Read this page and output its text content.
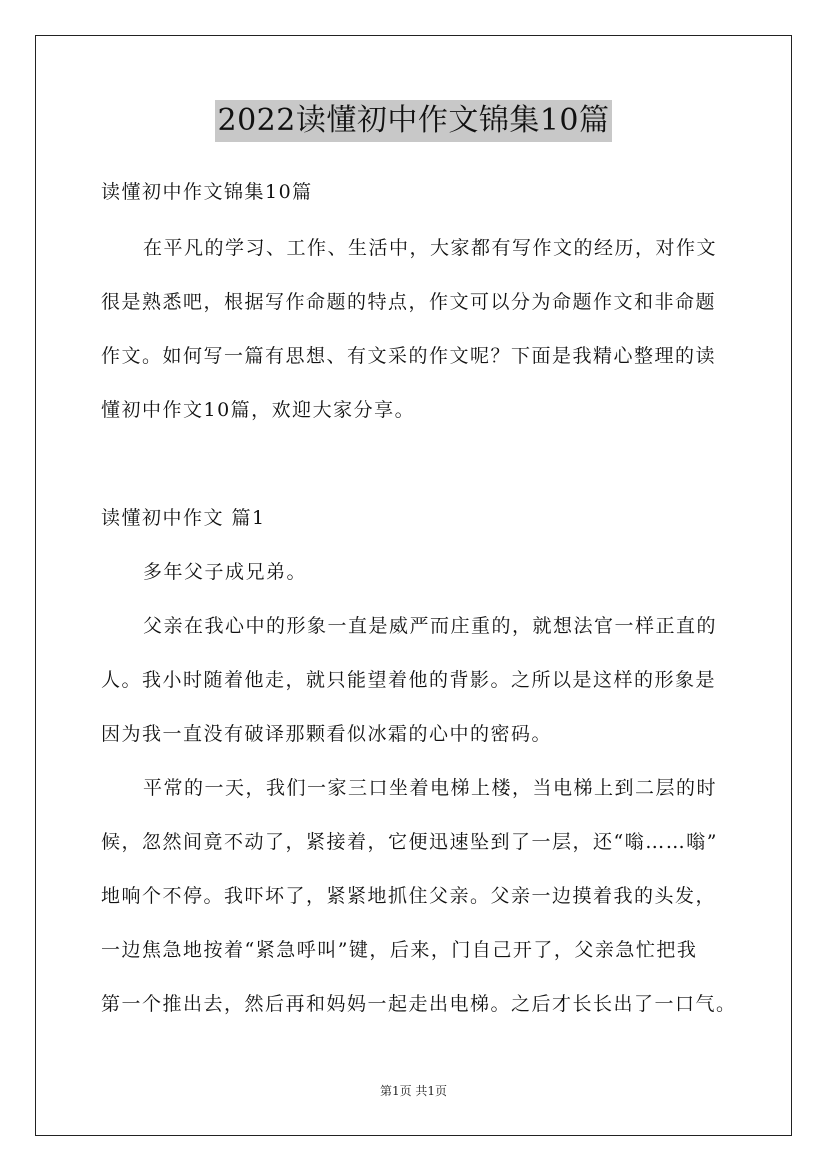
2022读懂初中作文锦集10篇
读懂初中作文锦集10篇
在平凡的学习、工作、生活中，大家都有写作文的经历，对作文
很是熟悉吧，根据写作命题的特点，作文可以分为命题作文和非命题
作文。如何写一篇有思想、有文采的作文呢？下面是我精心整理的读
懂初中作文10篇，欢迎大家分享。
读懂初中作文 篇1
多年父子成兄弟。
父亲在我心中的形象一直是威严而庄重的，就想法官一样正直的
人。我小时随着他走，就只能望着他的背影。之所以是这样的形象是
因为我一直没有破译那颗看似冰霜的心中的密码。
平常的一天，我们一家三口坐着电梯上楼，当电梯上到二层的时
候，忽然间竟不动了，紧接着，它便迅速坠到了一层，还“嗡……嗡”
地响个不停。我吓坏了，紧紧地抓住父亲。父亲一边摸着我的头发，
一边焦急地按着“紧急呼叫”键，后来，门自己开了，父亲急忙把我
第一个推出去，然后再和妈妈一起走出电梯。之后才长长出了一口气。
第1页 共1页
